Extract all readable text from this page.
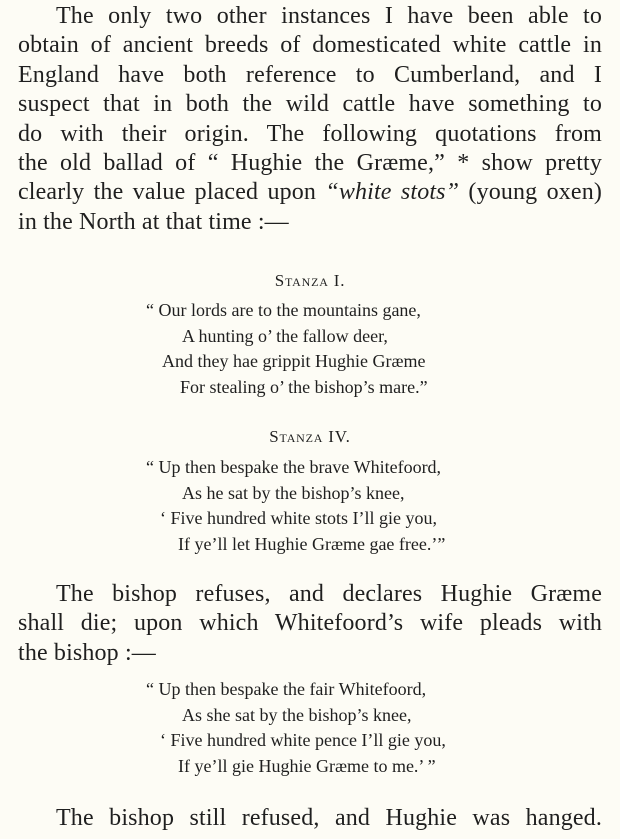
The only two other instances I have been able to
obtain of ancient breeds of domesticated white cattle in
England have both reference to Cumberland, and I
suspect that in both the wild cattle have something to
do with their origin. The following quotations from
the old ballad of “ Hughie the Græme,” * show pretty
clearly the value placed upon “white stots” (young oxen)
in the North at that time :—
Stanza I.
“ Our lords are to the mountains gane,
A hunting o’ the fallow deer,
And they hae grippit Hughie Græme
For stealing o’ the bishop’s mare.”
Stanza IV.
“ Up then bespake the brave Whitefoord,
As he sat by the bishop’s knee,
‘ Five hundred white stots I’ll gie you,
If ye’ll let Hughie Græme gae free.’”
The bishop refuses, and declares Hughie Græme
shall die; upon which Whitefoord’s wife pleads with
the bishop :—
“ Up then bespake the fair Whitefoord,
As she sat by the bishop’s knee,
‘ Five hundred white pence I’ll gie you,
If ye’ll gie Hughie Græme to me.’ ”
The bishop still refused, and Hughie was hanged.
